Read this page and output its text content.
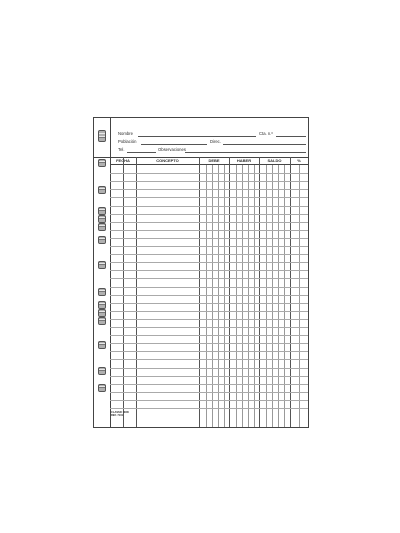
Nombre	Cta. n.º
Población	Direc.
Tel.	Observaciones
FECHA	CONCEPTO	DEBE	HABER	SALDO	%
CLASSIC 3000
REF. 7101
